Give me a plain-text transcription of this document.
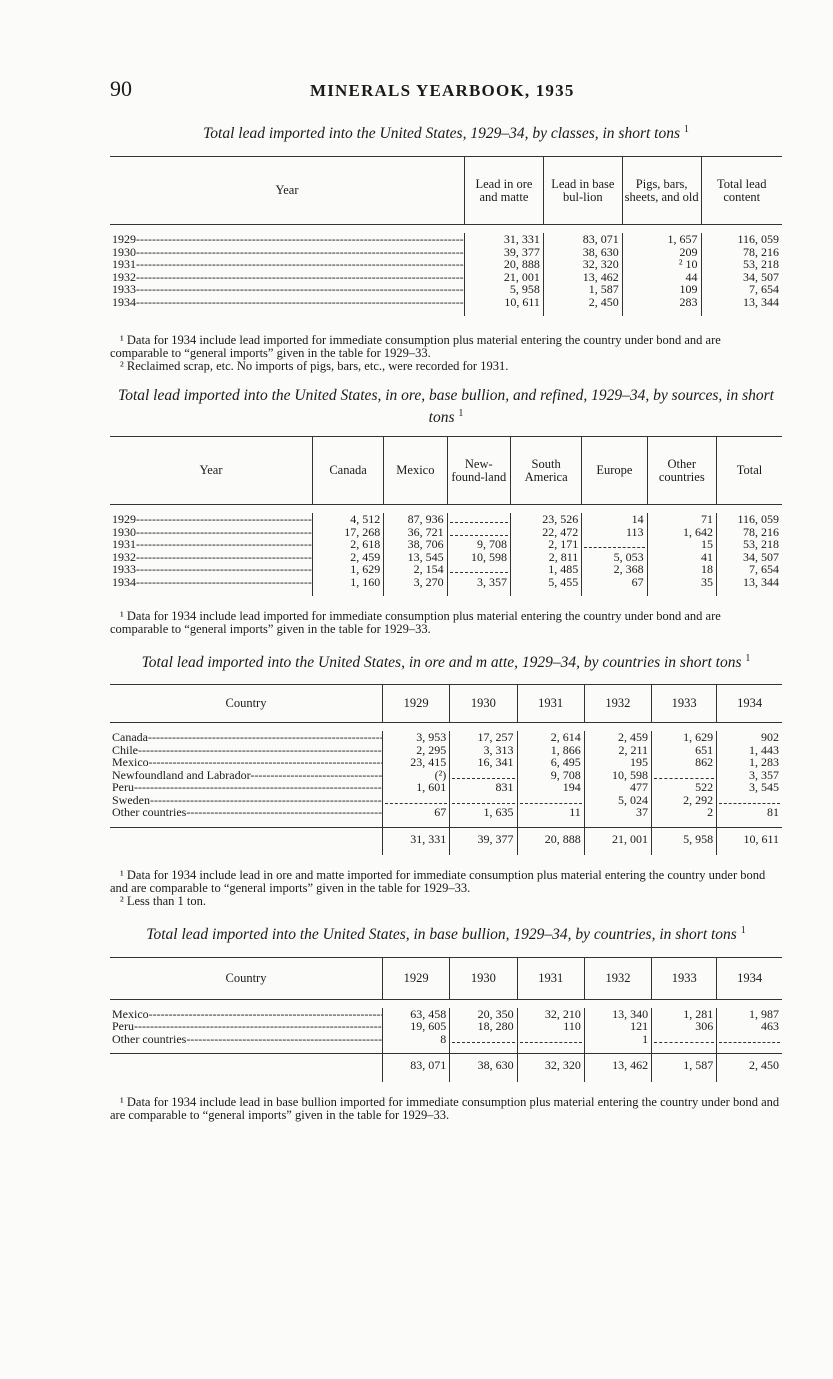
90	MINERALS YEARBOOK, 1935

Total lead imported into the United States, 1929–34, by classes, in short tons $^1$

Year	Lead in ore and matte	Lead in base bul-lion	Pigs, bars, sheets, and old	Total lead content

1929 -----	31, 331	83, 071	1, 657	116, 059
1930 -----	39, 377	38, 630	209	78, 216
1931 -----	20, 888	32, 320	² 10	53, 218
1932 -----	21, 001	13, 462	44	34, 507
1933 -----	5, 958	1, 587	109	7, 654
1934 -----	10, 611	2, 450	283	13, 344

¹ Data for 1934 include lead imported for immediate consumption plus material entering the country under bond and are comparable to “general imports” given in the table for 1929–33.

² Reclaimed scrap, etc. No imports of pigs, bars, etc., were recorded for 1931.

Total lead imported into the United States, in ore, base bullion, and refined, 1929–34, by sources, in short tons $^1$

Year	Canada	Mexico	New-found-land	South America	Europe	Other countries	Total

1929 -----	4, 512	87, 936		23, 526	14	71	116, 059
1930 -----	17, 268	36, 721		22, 472	113	1, 642	78, 216
1931 -----	2, 618	38, 706	9, 708	2, 171		15	53, 218
1932 -----	2, 459	13, 545	10, 598	2, 811	5, 053	41	34, 507
1933 -----	1, 629	2, 154		1, 485	2, 368	18	7, 654
1934 -----	1, 160	3, 270	3, 357	5, 455	67	35	13, 344

¹ Data for 1934 include lead imported for immediate consumption plus material entering the country under bond and are comparable to “general imports” given in the table for 1929–33.

Total lead imported into the United States, in ore and m atte, 1929–34, by countries in short tons $^1$

Country	1929	1930	1931	1932	1933	1934

Canada -----	3, 953	17, 257	2, 614	2, 459	1, 629	902
Chile -----	2, 295	3, 313	1, 866	2, 211	651	1, 443
Mexico -----	23, 415	16, 341	6, 495	195	862	1, 283
Newfoundland and Labrador -----	(²)		9, 708	10, 598		3, 357
Peru -----	1, 601	831	194	477	522	3, 545
Sweden -----				5, 024	2, 292	
Other countries -----	67	1, 635	11	37	2	81
	31, 331	39, 377	20, 888	21, 001	5, 958	10, 611

¹ Data for 1934 include lead in ore and matte imported for immediate consumption plus material entering the country under bond and are comparable to “general imports” given in the table for 1929–33.

² Less than 1 ton.

Total lead imported into the United States, in base bullion, 1929–34, by countries, in short tons $^1$

Country	1929	1930	1931	1932	1933	1934

Mexico -----	63, 458	20, 350	32, 210	13, 340	1, 281	1, 987
Peru -----	19, 605	18, 280	110	121	306	463
Other countries -----	8			1		
	83, 071	38, 630	32, 320	13, 462	1, 587	2, 450

¹ Data for 1934 include lead in base bullion imported for immediate consumption plus material entering the country under bond and are comparable to “general imports” given in the table for 1929–33.
